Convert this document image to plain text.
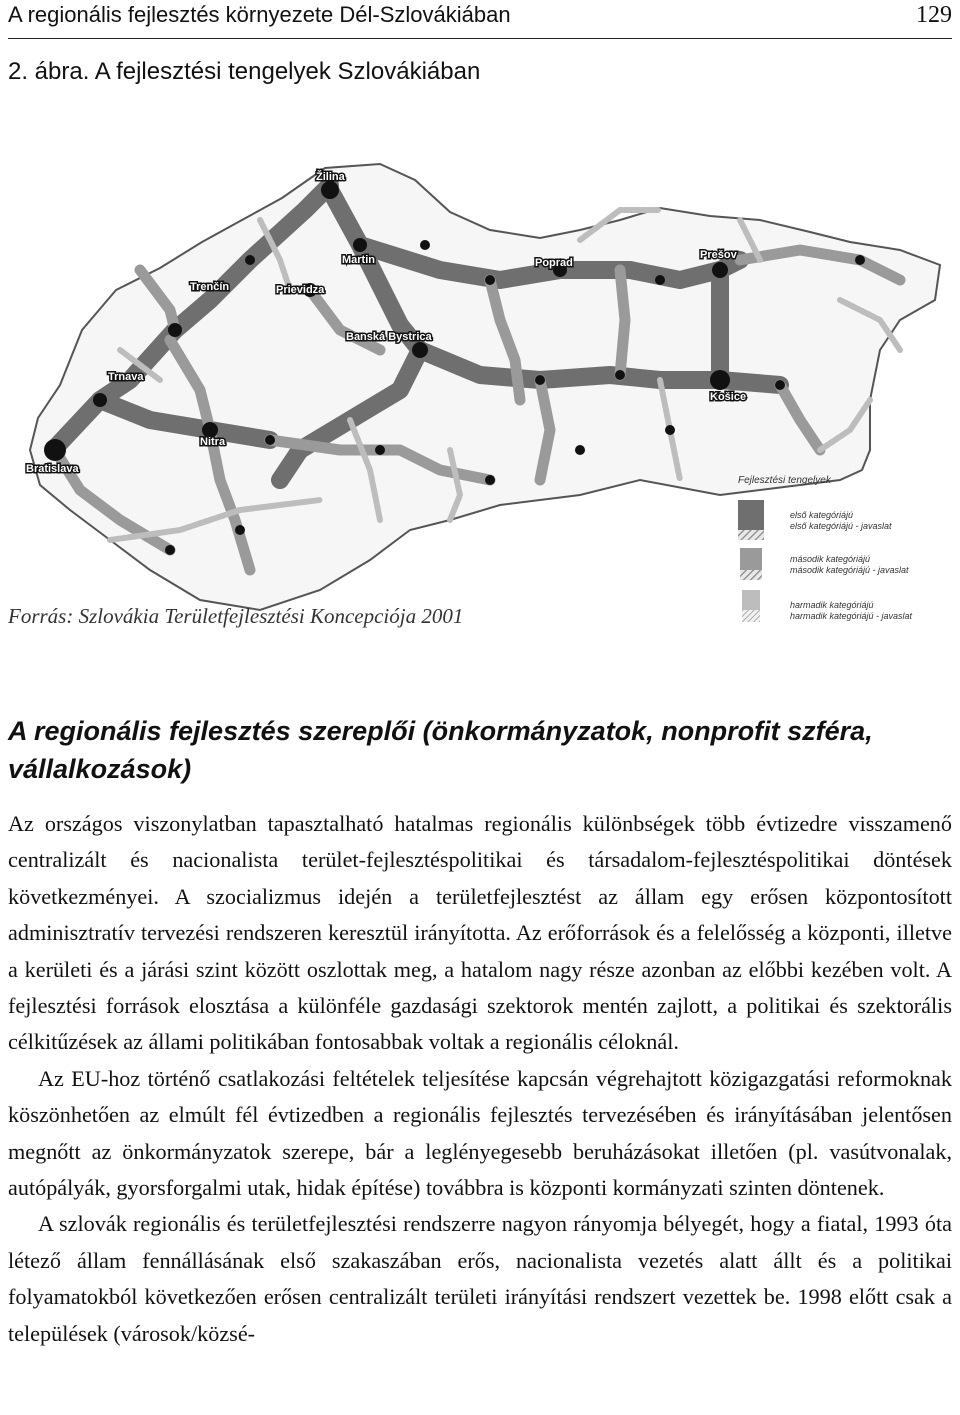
A regionális fejlesztés környezete Dél-Szlovákiában	129
2. ábra. A fejlesztési tengelyek Szlovákiában
Žilina
Martin	Poprad
Prešov
Trenčín	Prievidza
Banská Bystrica
Košice
Trnava
Nitra
Bratislava
Fejlesztési tengelyek
első kategóriájú
első kategóriájú - javaslat
második kategóriájú
második kategóriájú - javaslat
harmadik kategóriájú
harmadik kategóriájú - javaslat
Forrás: Szlovákia Területfejlesztési Koncepciója 2001
A regionális fejlesztés szereplői (önkormányzatok, nonprofit szféra, vállalkozások)

Az országos viszonylatban tapasztalható hatalmas regionális különbségek több évtizedre visszamenő centralizált és nacionalista terület-fejlesztéspolitikai és társadalom-fejlesztéspolitikai döntések következményei. A szocializmus idején a területfejlesztést az állam egy erősen központosított adminisztratív tervezési rendszeren keresztül irányította. Az erőforrások és a felelősség a központi, illetve a kerületi és a járási szint között oszlottak meg, a hatalom nagy része azonban az előbbi kezében volt. A fejlesztési források elosztása a különféle gazdasági szektorok mentén zajlott, a politikai és szektorális célkitűzések az állami politikában fontosabbak voltak a regionális céloknál.

Az EU-hoz történő csatlakozási feltételek teljesítése kapcsán végrehajtott közigazgatási reformoknak köszönhetően az elmúlt fél évtizedben a regionális fejlesztés tervezésében és irányításában jelentősen megnőtt az önkormányzatok szerepe, bár a leglényegesebb beruházásokat illetően (pl. vasútvonalak, autópályák, gyorsforgalmi utak, hidak építése) továbbra is központi kormányzati szinten döntenek.

A szlovák regionális és területfejlesztési rendszerre nagyon rányomja bélyegét, hogy a fiatal, 1993 óta létező állam fennállásának első szakaszában erős, nacionalista vezetés alatt állt és a politikai folyamatokból következően erősen centralizált területi irányítási rendszert vezettek be. 1998 előtt csak a települések (városok/közsé-
